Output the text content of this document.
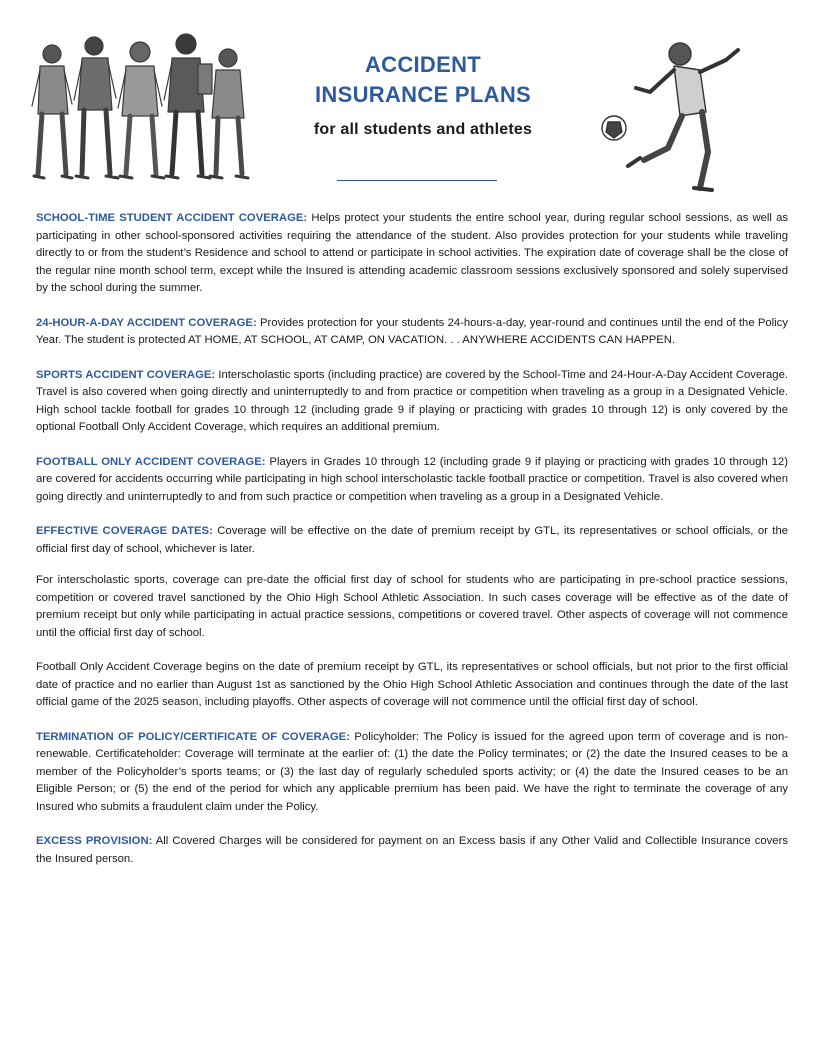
ACCIDENT
INSURANCE PLANS
for all students and athletes

SCHOOL-TIME STUDENT ACCIDENT COVERAGE: Helps protect your students the entire school year, during regular school sessions, as well as participating in other school-sponsored activities requiring the attendance of the student. Also provides protection for your students while traveling directly to or from the student’s Residence and school to attend or participate in school activities. The expiration date of coverage shall be the close of the regular nine month school term, except while the Insured is attending academic classroom sessions exclusively sponsored and solely supervised by the school during the summer.

24-HOUR-A-DAY ACCIDENT COVERAGE: Provides protection for your students 24-hours-a-day, year-round and continues until the end of the Policy Year. The student is protected AT HOME, AT SCHOOL, AT CAMP, ON VACATION. . . ANYWHERE ACCIDENTS CAN HAPPEN.

SPORTS ACCIDENT COVERAGE: Interscholastic sports (including practice) are covered by the School-Time and 24-Hour-A-Day Accident Coverage. Travel is also covered when going directly and uninterruptedly to and from practice or competition when traveling as a group in a Designated Vehicle. High school tackle football for grades 10 through 12 (including grade 9 if playing or practicing with grades 10 through 12) is only covered by the optional Football Only Accident Coverage, which requires an additional premium.

FOOTBALL ONLY ACCIDENT COVERAGE: Players in Grades 10 through 12 (including grade 9 if playing or practicing with grades 10 through 12) are covered for accidents occurring while participating in high school interscholastic tackle football practice or competition. Travel is also covered when going directly and uninterruptedly to and from such practice or competition when traveling as a group in a Designated Vehicle.

EFFECTIVE COVERAGE DATES: Coverage will be effective on the date of premium receipt by GTL, its representatives or school officials, or the official first day of school, whichever is later.

For interscholastic sports, coverage can pre-date the official first day of school for students who are participating in pre-school practice sessions, competition or covered travel sanctioned by the Ohio High School Athletic Association. In such cases coverage will be effective as of the date of premium receipt but only while participating in actual practice sessions, competitions or covered travel. Other aspects of coverage will not commence until the official first day of school.

Football Only Accident Coverage begins on the date of premium receipt by GTL, its representatives or school officials, but not prior to the first official date of practice and no earlier than August 1st as sanctioned by the Ohio High School Athletic Association and continues through the date of the last official game of the 2025 season, including playoffs. Other aspects of coverage will not commence until the official first day of school.

TERMINATION OF POLICY/CERTIFICATE OF COVERAGE: Policyholder: The Policy is issued for the agreed upon term of coverage and is non-renewable. Certificateholder: Coverage will terminate at the earlier of: (1) the date the Policy terminates; or (2) the date the Insured ceases to be a member of the Policyholder’s sports teams; or (3) the last day of regularly scheduled sports activity; or (4) the date the Insured ceases to be an Eligible Person; or (5) the end of the period for which any applicable premium has been paid. We have the right to terminate the coverage of any Insured who submits a fraudulent claim under the Policy.

EXCESS PROVISION: All Covered Charges will be considered for payment on an Excess basis if any Other Valid and Collectible Insurance covers the Insured person.
